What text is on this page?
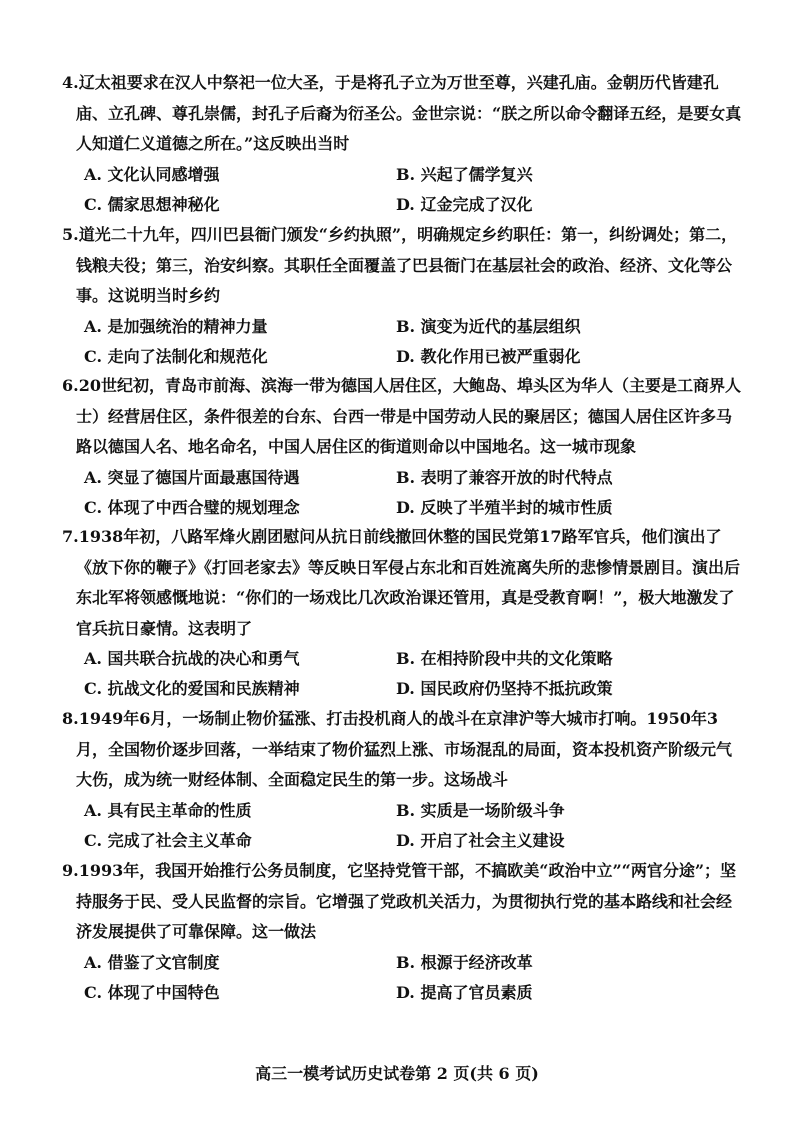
4.辽太祖要求在汉人中祭祀一位大圣，于是将孔子立为万世至尊，兴建孔庙。金朝历代皆建孔庙、立孔碑、尊孔崇儒，封孔子后裔为衍圣公。金世宗说：“朕之所以命令翻译五经，是要女真人知道仁义道德之所在。”这反映出当时

A. 文化认同感增强	B. 兴起了儒学复兴
C. 儒家思想神秘化	D. 辽金完成了汉化

5.道光二十九年，四川巴县衙门颁发“乡约执照”，明确规定乡约职任：第一，纠纷调处；第二，钱粮夫役；第三，治安纠察。其职任全面覆盖了巴县衙门在基层社会的政治、经济、文化等公事。这说明当时乡约

A. 是加强统治的精神力量	B. 演变为近代的基层组织
C. 走向了法制化和规范化	D. 教化作用已被严重弱化

6.20世纪初，青岛市前海、滨海一带为德国人居住区，大鲍岛、埠头区为华人（主要是工商界人士）经营居住区，条件很差的台东、台西一带是中国劳动人民的聚居区；德国人居住区许多马路以德国人名、地名命名，中国人居住区的街道则命以中国地名。这一城市现象

A. 突显了德国片面最惠国待遇	B. 表明了兼容开放的时代特点
C. 体现了中西合璧的规划理念	D. 反映了半殖半封的城市性质

7.1938年初，八路军烽火剧团慰问从抗日前线撤回休整的国民党第17路军官兵，他们演出了《放下你的鞭子》《打回老家去》等反映日军侵占东北和百姓流离失所的悲惨情景剧目。演出后东北军将领感慨地说：“你们的一场戏比几次政治课还管用，真是受教育啊！”，极大地激发了官兵抗日豪情。这表明了

A. 国共联合抗战的决心和勇气	B. 在相持阶段中共的文化策略
C. 抗战文化的爱国和民族精神	D. 国民政府仍坚持不抵抗政策

8.1949年6月，一场制止物价猛涨、打击投机商人的战斗在京津沪等大城市打响。1950年3月，全国物价逐步回落，一举结束了物价猛烈上涨、市场混乱的局面，资本投机资产阶级元气大伤，成为统一财经体制、全面稳定民生的第一步。这场战斗

A. 具有民主革命的性质	B. 实质是一场阶级斗争
C. 完成了社会主义革命	D. 开启了社会主义建设

9.1993年，我国开始推行公务员制度，它坚持党管干部，不搞欧美“政治中立”“两官分途”；坚持服务于民、受人民监督的宗旨。它增强了党政机关活力，为贯彻执行党的基本路线和社会经济发展提供了可靠保障。这一做法

A. 借鉴了文官制度	B. 根源于经济改革
C. 体现了中国特色	D. 提高了官员素质
高三一模考试历史试卷第 2 页(共 6 页)
